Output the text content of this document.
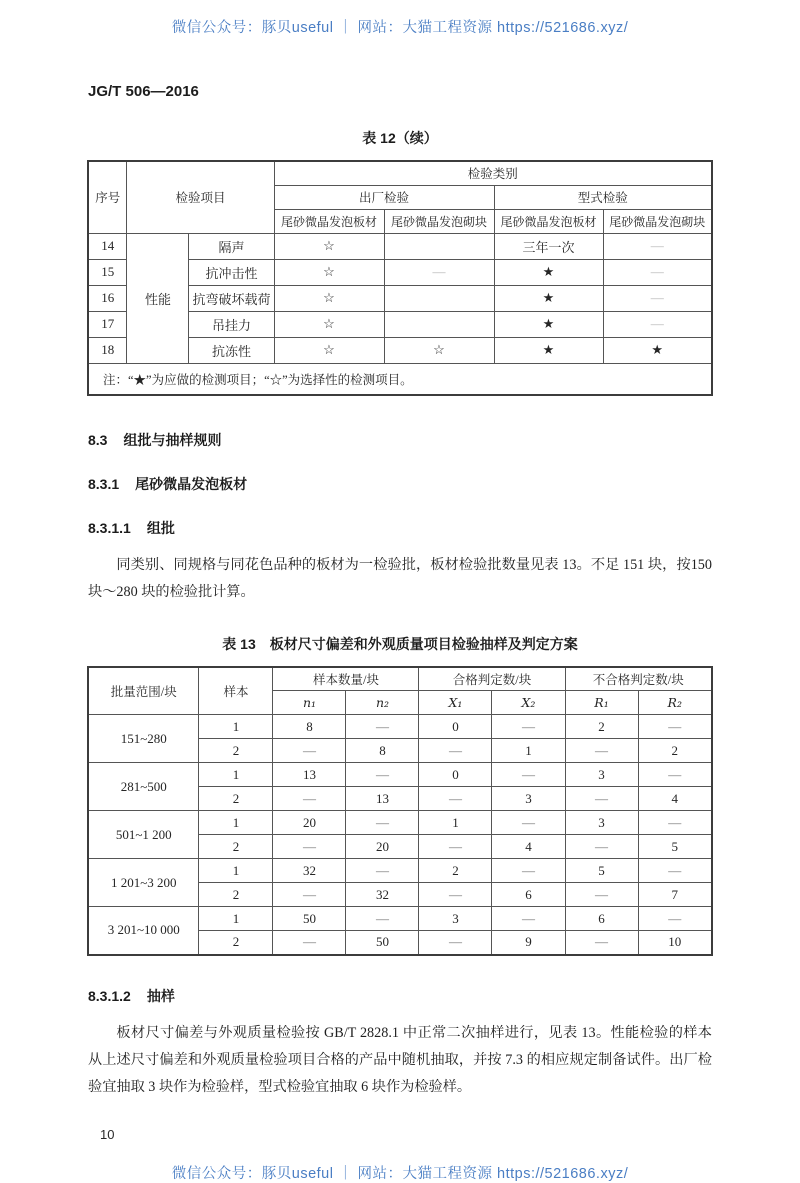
微信公众号：豚贝useful ｜ 网站：大猫工程资源 https://521686.xyz/
JG/T 506—2016
表 12（续）
序号	检验项目		检验类别			
			出厂检验		型式检验	
			尾砂微晶发泡板材	尾砂微晶发泡砌块	尾砂微晶发泡板材	尾砂微晶发泡砌块
14	性能	隔声	☆		三年一次	—
15		抗冲击性	☆	—	★	—
16		抗弯破坏载荷	☆		★	—
17		吊挂力	☆		★	—
18		抗冻性	☆	☆	★	★
注：“★”为应做的检测项目；“☆”为选择性的检测项目。						
8.3 组批与抽样规则
8.3.1 尾砂微晶发泡板材
8.3.1.1 组批

同类别、同规格与同花色品种的板材为一检验批，板材检验批数量见表 13。不足 151 块，按150 块～280 块的检验批计算。

表 13　板材尺寸偏差和外观质量项目检验抽样及判定方案
批量范围/块	样本	样本数量/块		合格判定数/块		不合格判定数/块	
		n₁	n₂	X₁	X₂	R₁	R₂
151~280	1	8	—	0	—	2	—
	2	—	8	—	1	—	2
281~500	1	13	—	0	—	3	—
	2	—	13	—	3	—	4
501~1 200	1	20	—	1	—	3	—
	2	—	20	—	4	—	5
1 201~3 200	1	32	—	2	—	5	—
	2	—	32	—	6	—	7
3 201~10 000	1	50	—	3	—	6	—
	2	—	50	—	9	—	10
8.3.1.2 抽样

板材尺寸偏差与外观质量检验按 GB/T 2828.1 中正常二次抽样进行，见表 13。性能检验的样本从上述尺寸偏差和外观质量检验项目合格的产品中随机抽取，并按 7.3 的相应规定制备试件。出厂检验宜抽取 3 块作为检验样，型式检验宜抽取 6 块作为检验样。

10
微信公众号：豚贝useful ｜ 网站：大猫工程资源 https://521686.xyz/
